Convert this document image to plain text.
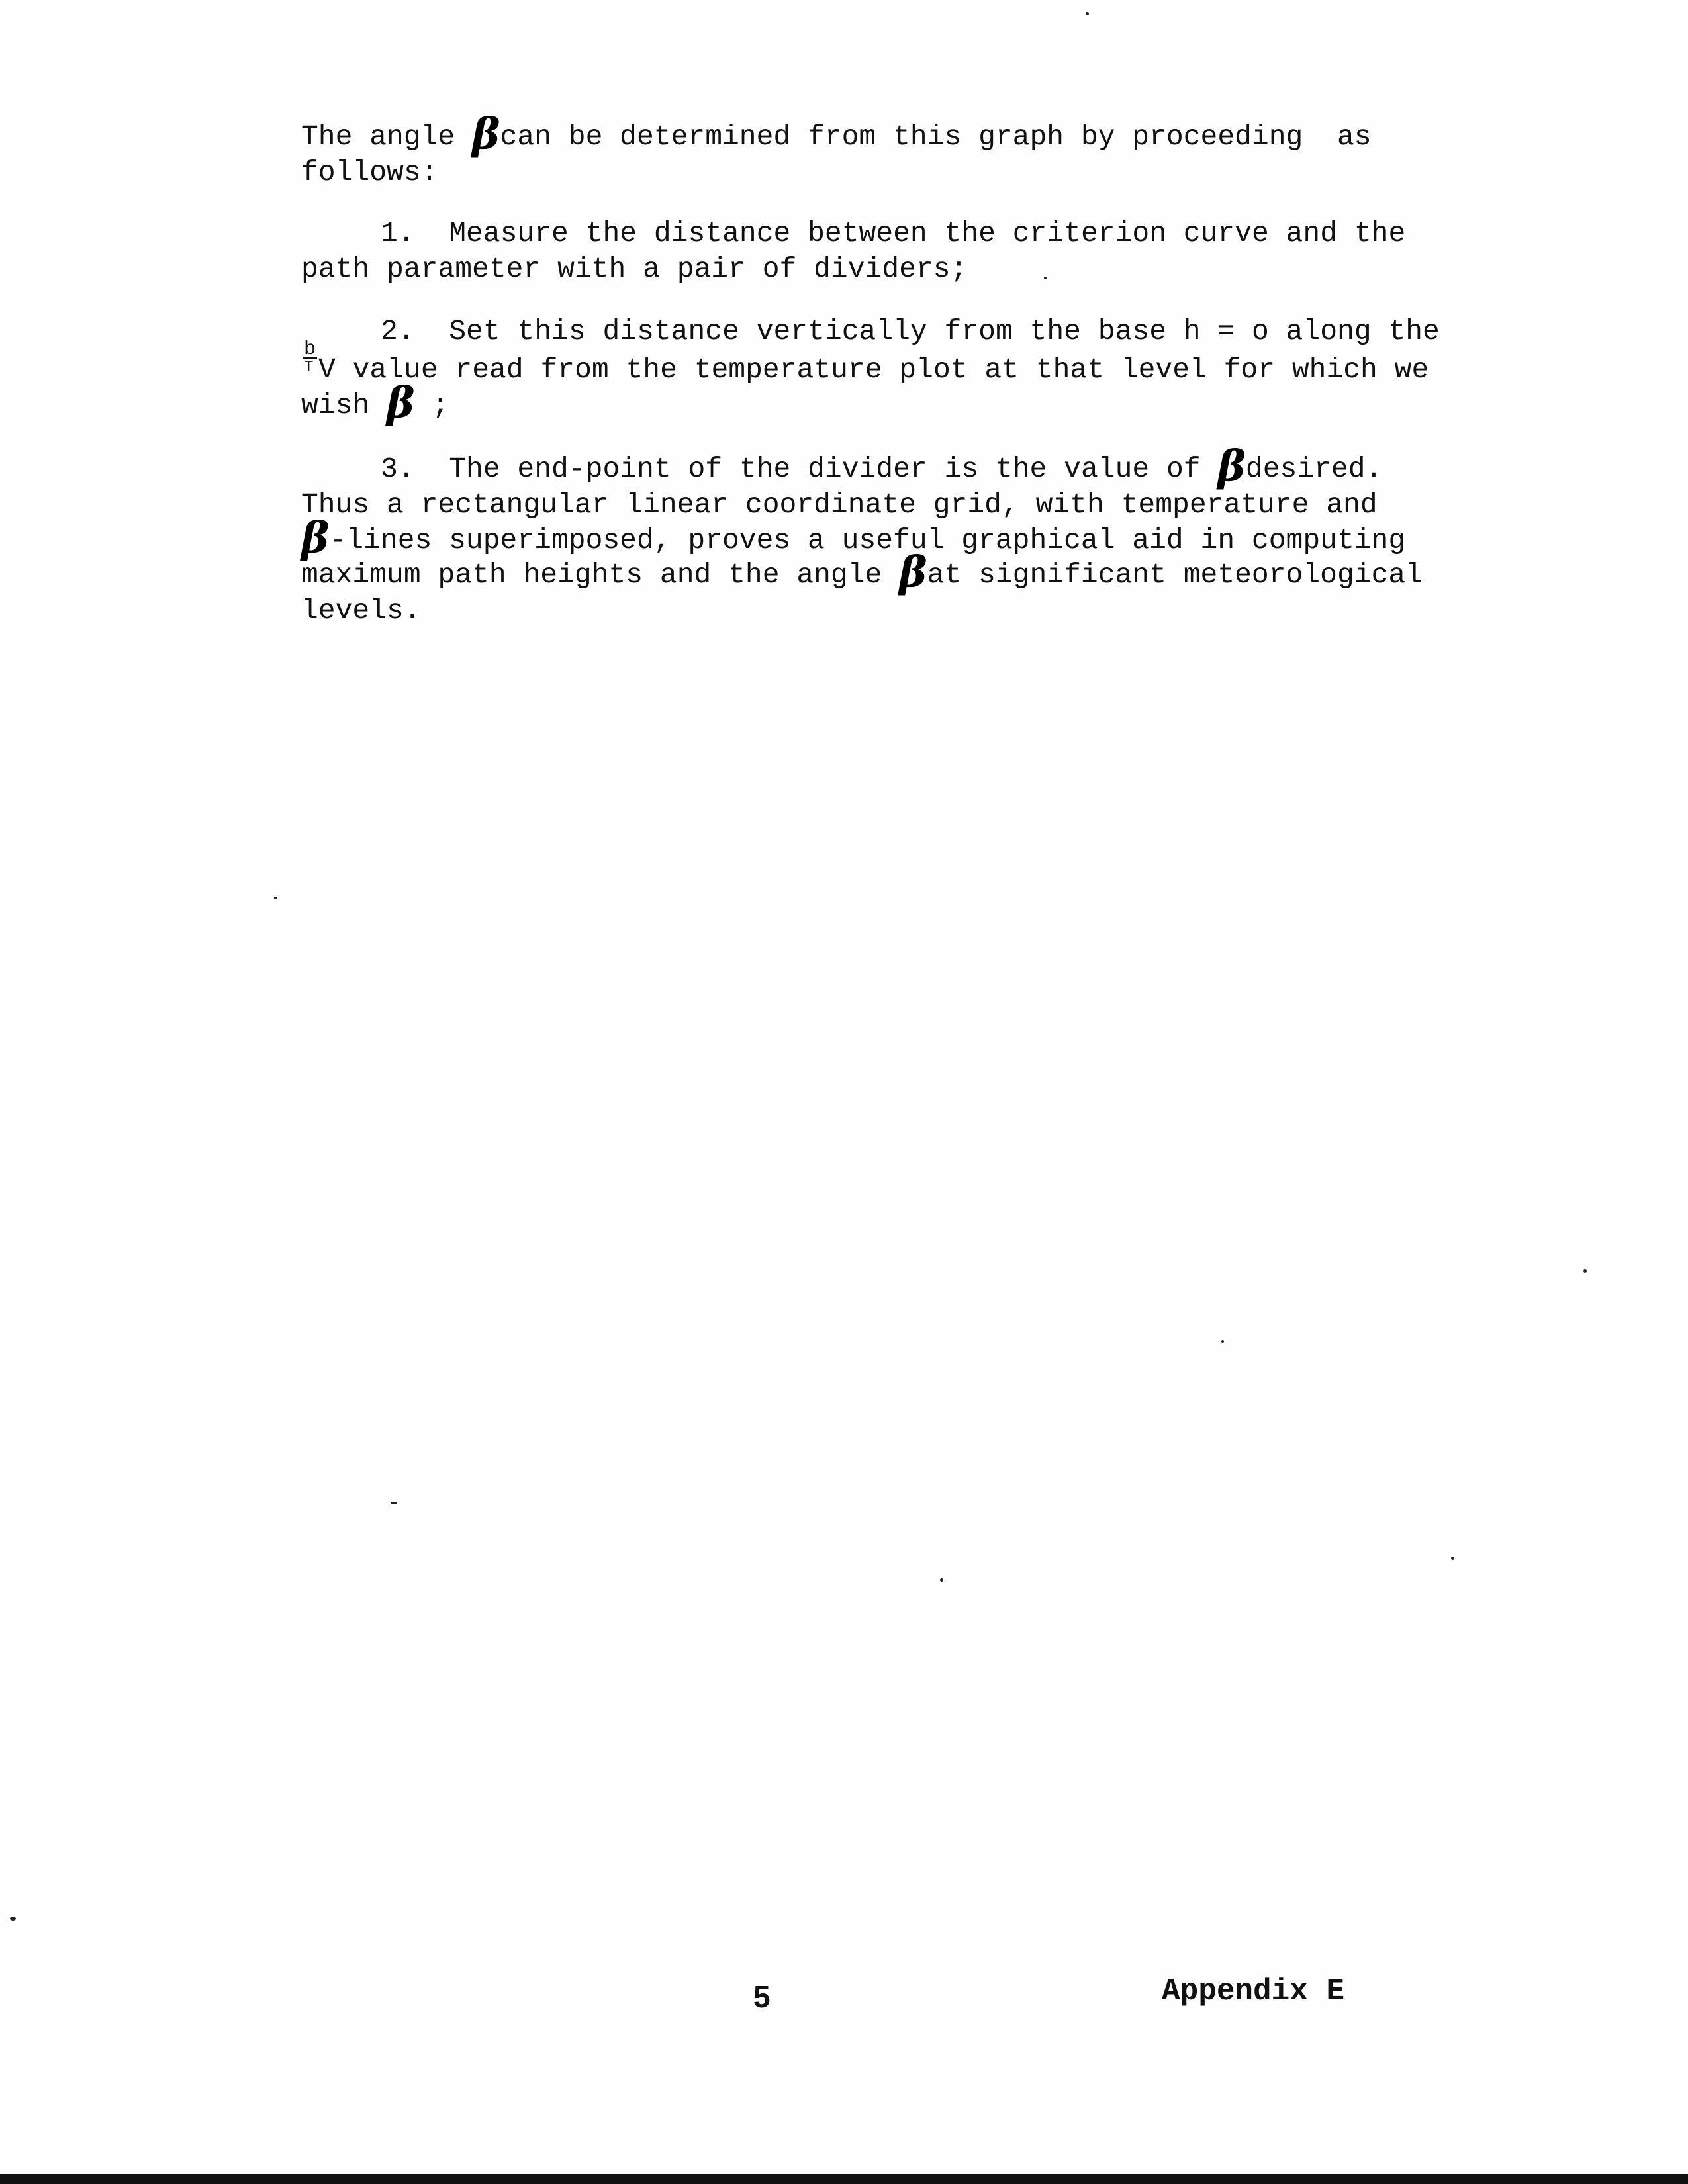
The angle βcan be determined from this graph by proceeding  as
follows:
1.  Measure the distance between the criterion curve and the
path parameter with a pair of dividers;
2.  Set this distance vertically from the base h = o along the
$\frac{b}{T}$ V value read from the temperature plot at that level for which we
wish β ;
3.  The end-point of the divider is the value of βdesired.
Thus a rectangular linear coordinate grid, with temperature and
β-lines superimposed, proves a useful graphical aid in computing
maximum path heights and the angle βat significant meteorological
levels.
5	Appendix E
